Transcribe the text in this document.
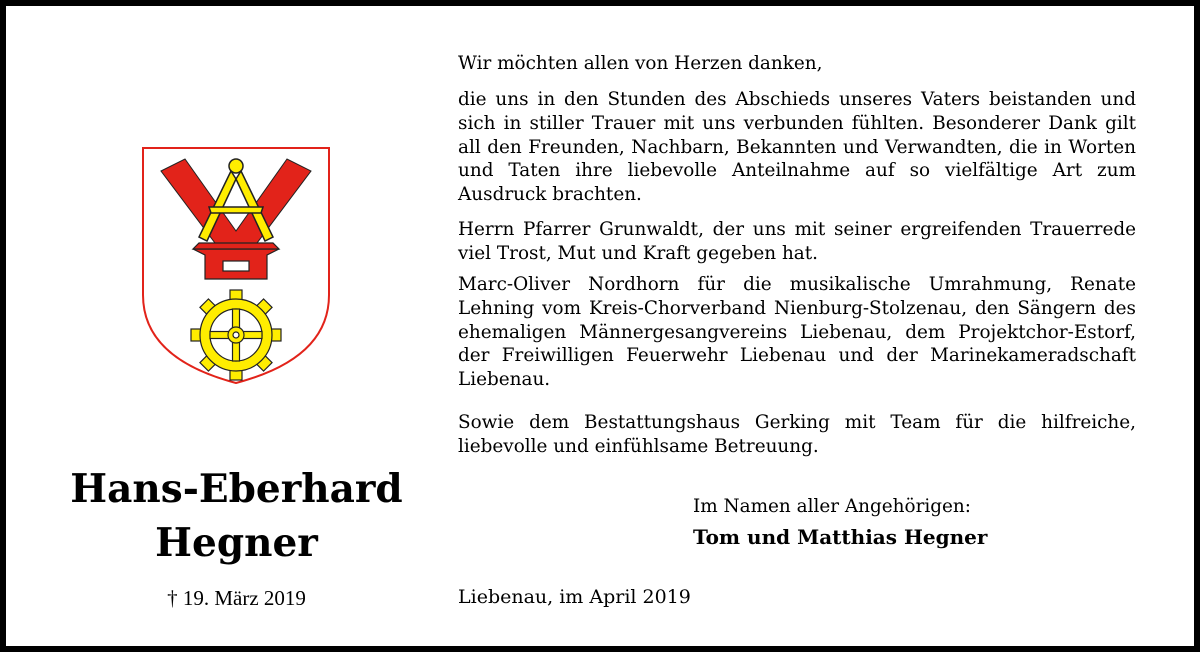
Hans-Eberhard
Hegner
† 19. März 2019

Wir möchten allen von Herzen danken,

die uns in den Stunden des Abschieds unseres Vaters beistanden und sich in stiller Trauer mit uns verbunden fühlten. Besonderer Dank gilt all den Freunden, Nachbarn, Bekannten und Verwandten, die in Worten und Taten ihre liebevolle Anteilnahme auf so vielfältige Art zum Ausdruck brachten.

Herrn Pfarrer Grunwaldt, der uns mit seiner ergreifenden Trauerrede viel Trost, Mut und Kraft gegeben hat.

Marc-Oliver Nordhorn für die musikalische Umrahmung, Renate Lehning vom Kreis-Chorverband Nienburg-Stolzenau, den Sängern des ehemaligen Männergesangvereins Liebenau, dem Projektchor-Estorf, der Freiwilligen Feuerwehr Liebenau und der Marinekameradschaft Liebenau.

Sowie dem Bestattungshaus Gerking mit Team für die hilfreiche, liebevolle und einfühlsame Betreuung.

Im Namen aller Angehörigen:
Tom und Matthias Hegner
Liebenau, im April 2019
